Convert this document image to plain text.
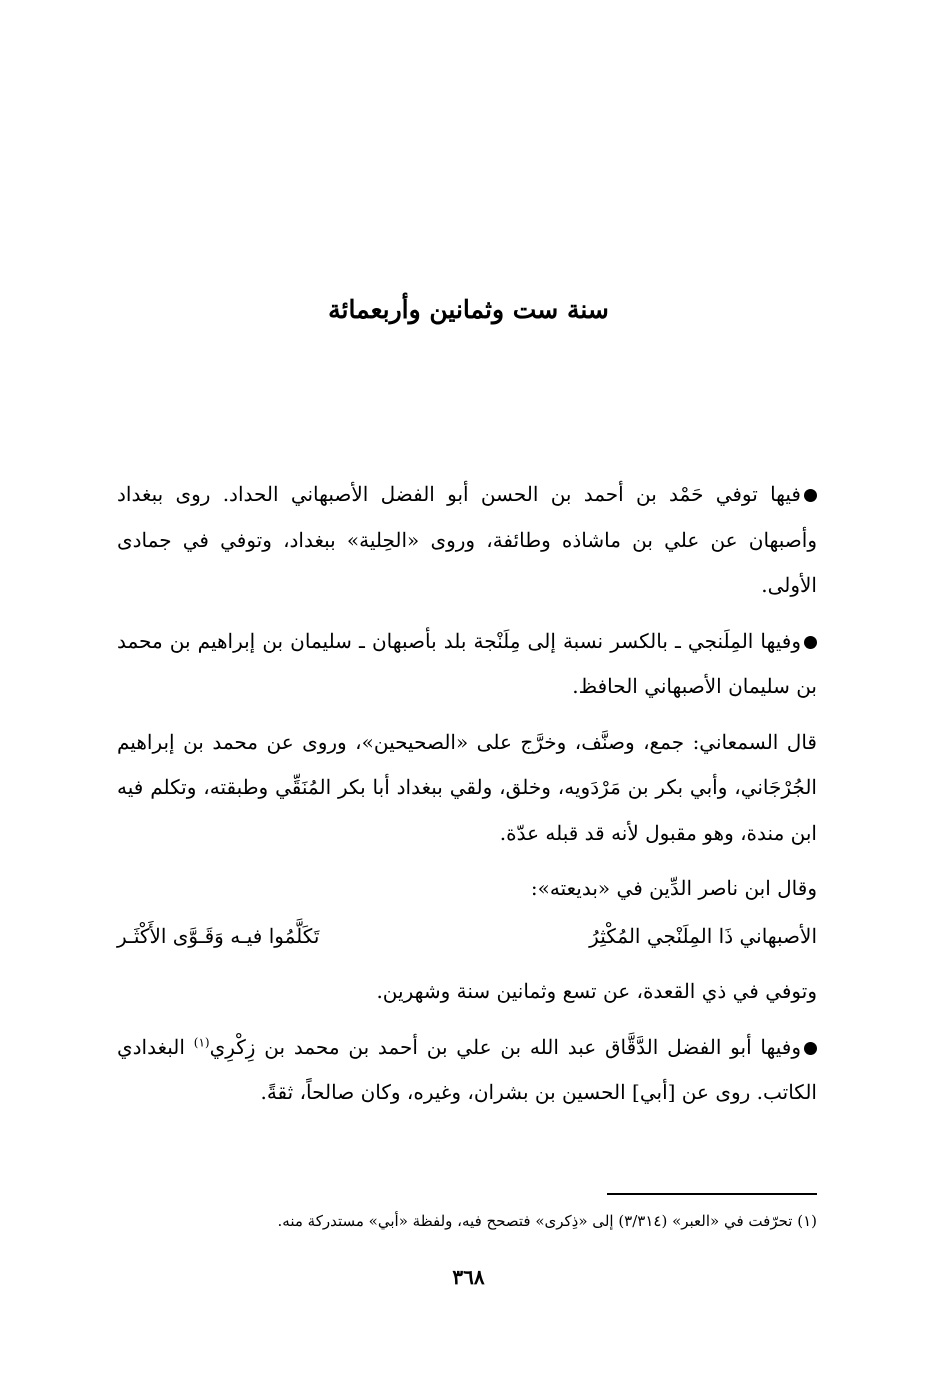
سنة ست وثمانين وأربعمائة

فيها توفي حَمْد بن أحمد بن الحسن أبو الفضل الأصبهاني الحداد. روى ببغداد وأصبهان عن علي بن ماشاذه وطائفة، وروى «الحِلية» ببغداد، وتوفي في جمادى الأولى.

وفيها المِلَنجي ـ بالكسر نسبة إلى مِلَنْجة بلد بأصبهان ـ سليمان بن إبراهيم بن محمد بن سليمان الأصبهاني الحافظ.

قال السمعاني: جمع، وصنَّف، وخرَّج على «الصحيحين»، وروى عن محمد بن إبراهيم الجُرْجَاني، وأبي بكر بن مَرْدَويه، وخلق، ولقي ببغداد أبا بكر المُنَقِّي وطبقته، وتكلم فيه ابن مندة، وهو مقبول لأنه قد قبله عدّة.

وقال ابن ناصر الدِّين في «بديعته»:

الأصبهاني ذَا المِلَنْجي المُكْثِرُ
تَكَلَّمُوا فيـه وَقَـوَّى الأَكْثَـر

وتوفي في ذي القعدة، عن تسع وثمانين سنة وشهرين.

وفيها أبو الفضل الدَّقَّاق عبد الله بن علي بن أحمد بن محمد بن زِكْرِي$^{(١)}$ البغدادي الكاتب. روى عن [أبي] الحسين بن بشران، وغيره، وكان صالحاً، ثقةً.

(١) تحرّفت في «العبر» (٣/٣١٤) إلى «ذِكرى» فتصحح فيه، ولفظة «أبي» مستدركة منه.

٣٦٨
